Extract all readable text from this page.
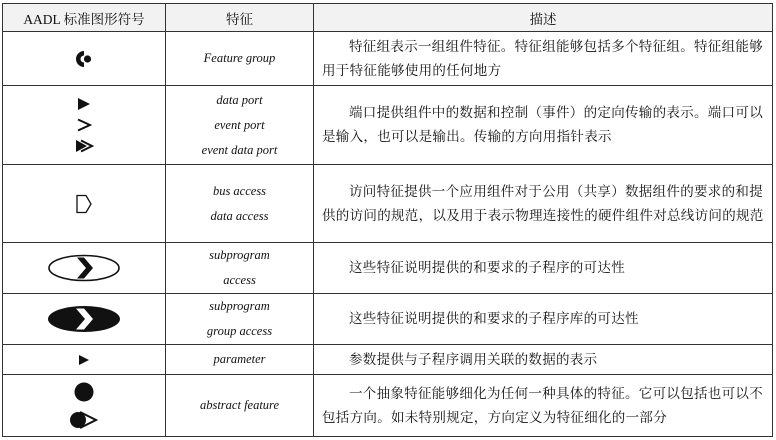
AADL 标准图形符号	特征	描述

Feature group	特征组表示一组组件特征。特征组能够包括多个特征组。特征组能够用于特征能够使用的任何地方

data port
event port
event data port	端口提供组件中的数据和控制（事件）的定向传输的表示。端口可以是输入，也可以是输出。传输的方向用指针表示

bus access
data access	访问特征提供一个应用组件对于公用（共享）数据组件的要求的和提供的访问的规范，以及用于表示物理连接性的硬件组件对总线访问的规范

subprogram
access	这些特征说明提供的和要求的子程序的可达性

subprogram
group access	这些特征说明提供的和要求的子程序库的可达性

parameter	参数提供与子程序调用关联的数据的表示

abstract feature	一个抽象特征能够细化为任何一种具体的特征。它可以包括也可以不包括方向。如未特别规定，方向定义为特征细化的一部分
